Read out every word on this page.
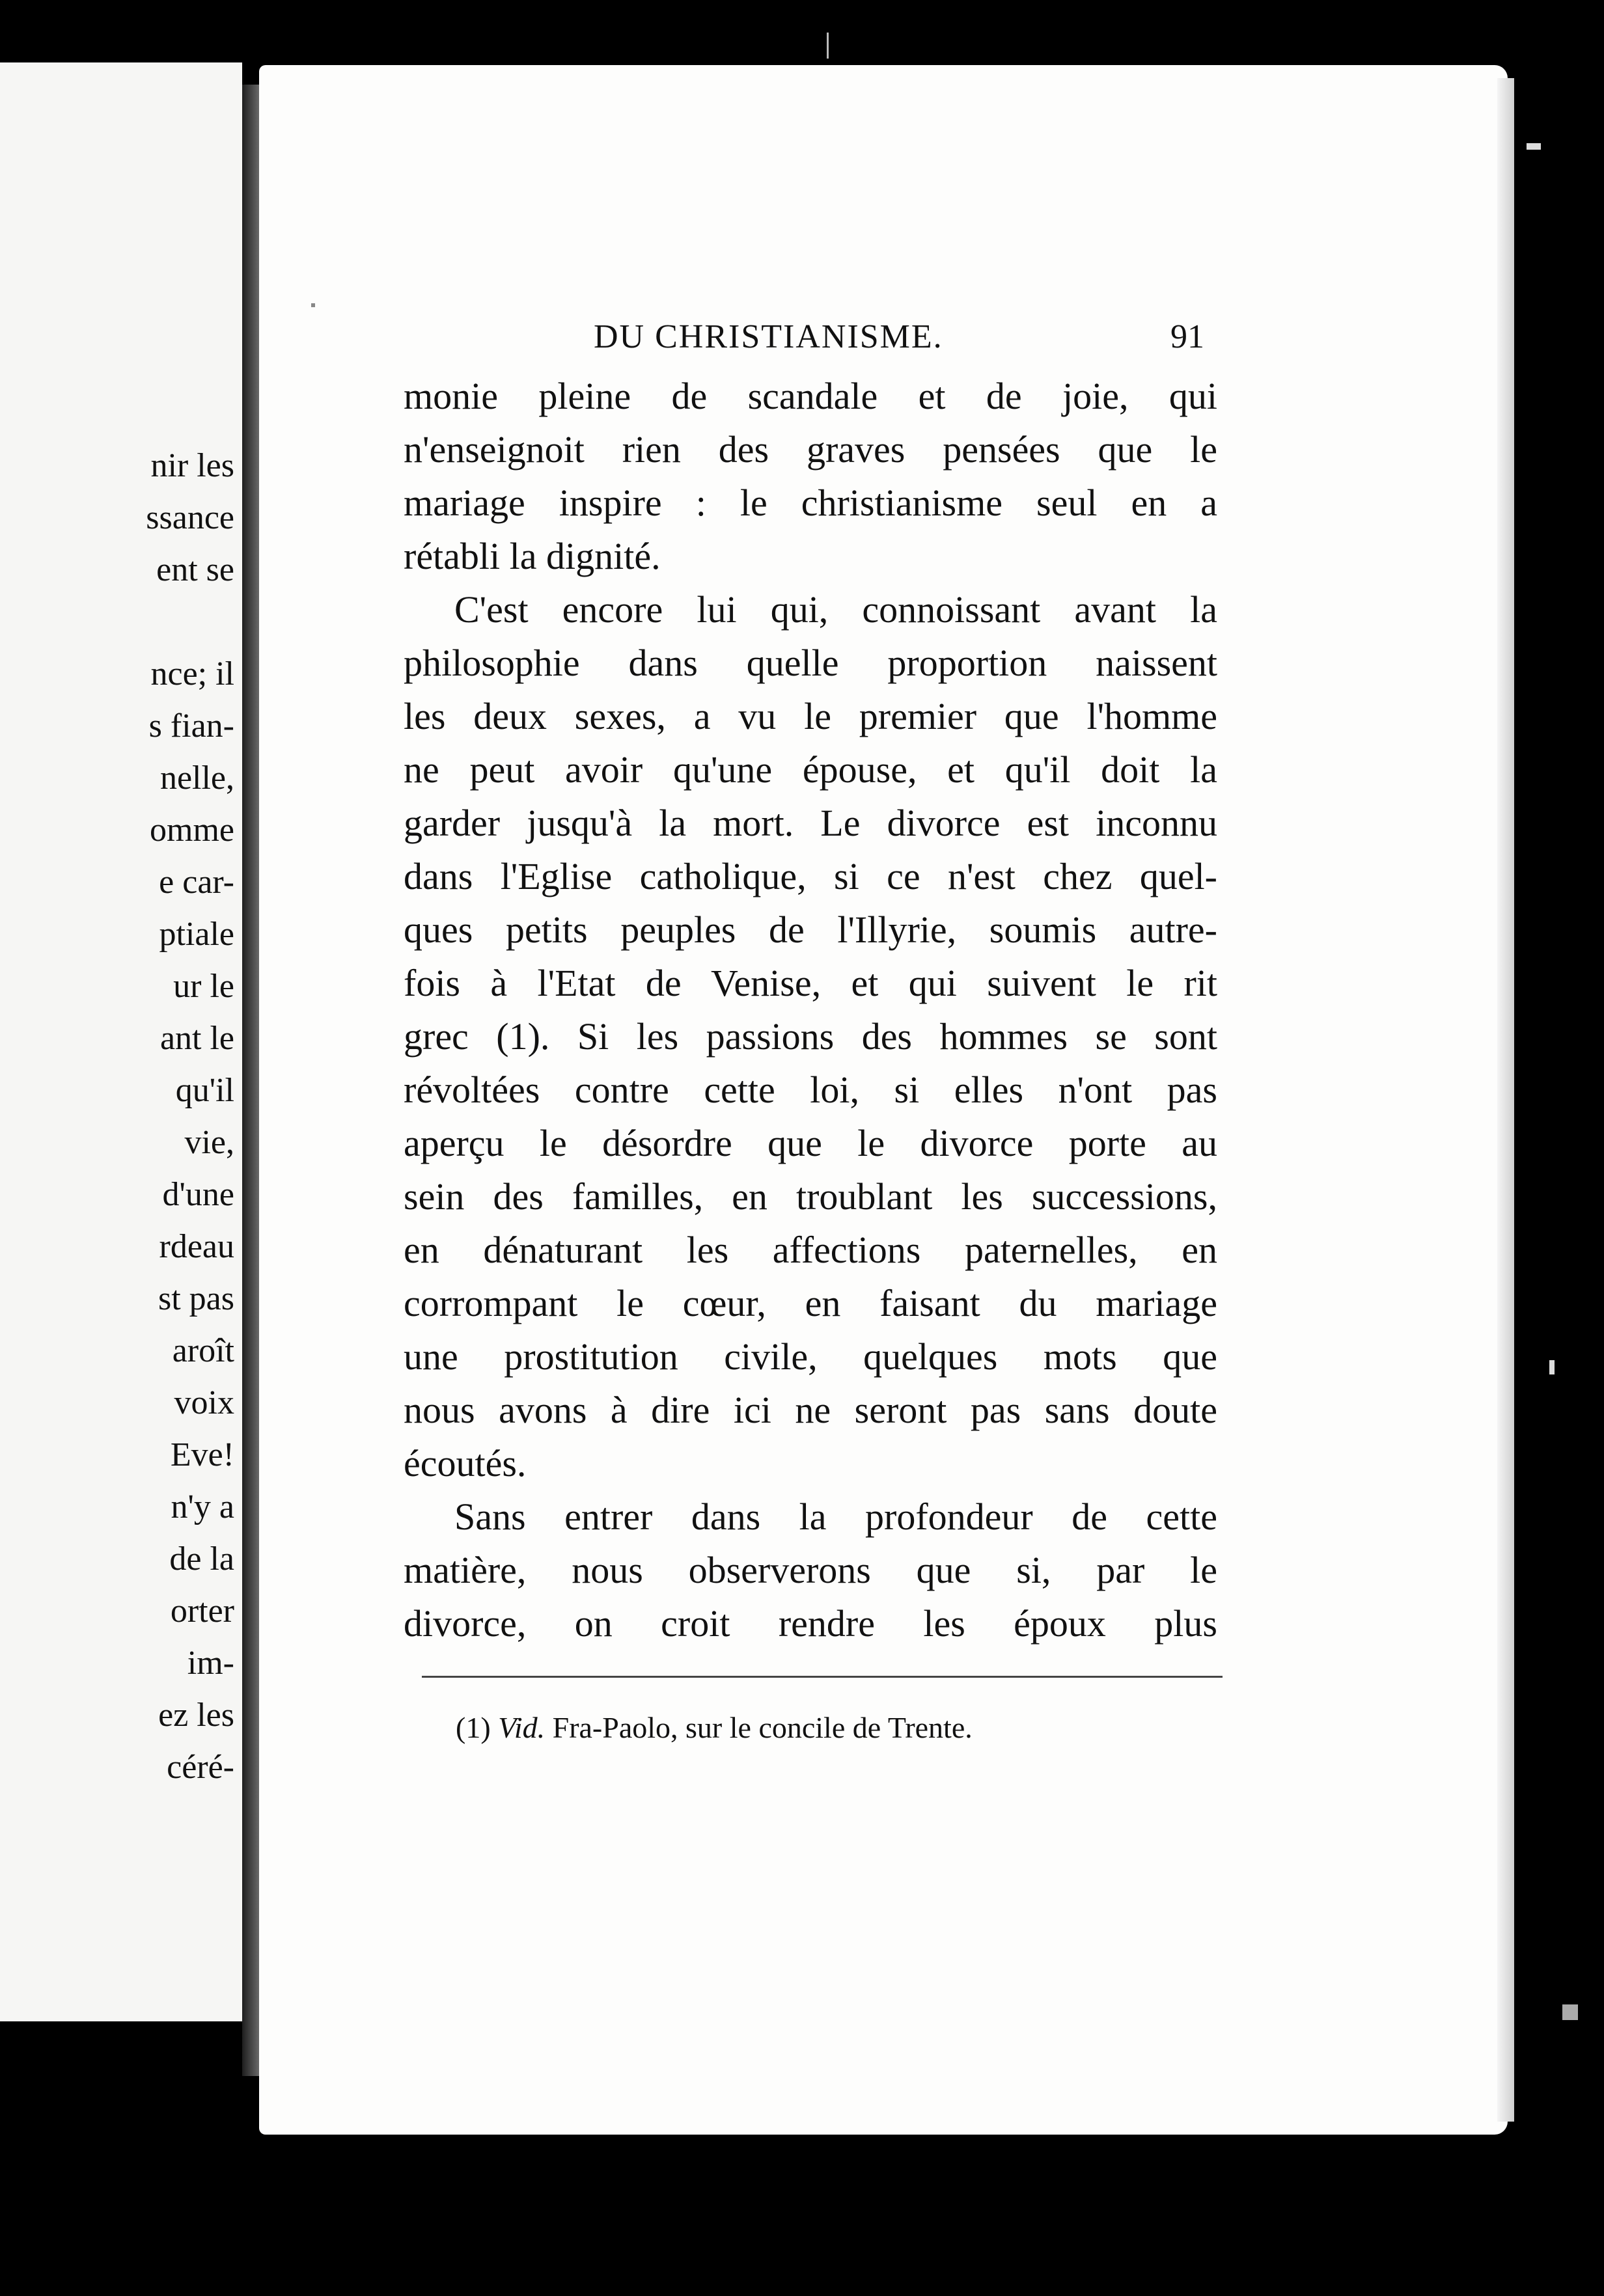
nir les
ssance
ent se
nce; il
s fian-
nelle,
omme
e car-
ptiale
ur le
ant le
qu'il
vie,
d'une
rdeau
st pas
aroît
voix
Eve!
n'y a
de la
orter
im-
ez les
céré-
DU CHRISTIANISME.	91
monie pleine de scandale et de joie, qui
n'enseignoit rien des graves pensées que le
mariage inspire : le christianisme seul en a
rétabli la dignité.
C'est encore lui qui, connoissant avant la
philosophie dans quelle proportion naissent
les deux sexes, a vu le premier que l'homme
ne peut avoir qu'une épouse, et qu'il doit la
garder jusqu'à la mort. Le divorce est inconnu
dans l'Eglise catholique, si ce n'est chez quel-
ques petits peuples de l'Illyrie, soumis autre-
fois à l'Etat de Venise, et qui suivent le rit
grec (1). Si les passions des hommes se sont
révoltées contre cette loi, si elles n'ont pas
aperçu le désordre que le divorce porte au
sein des familles, en troublant les successions,
en dénaturant les affections paternelles, en
corrompant le cœur, en faisant du mariage
une prostitution civile, quelques mots que
nous avons à dire ici ne seront pas sans doute
écoutés.
Sans entrer dans la profondeur de cette
matière, nous observerons que si, par le
divorce, on croit rendre les époux plus
(1) Vid. Fra-Paolo, sur le concile de Trente.
